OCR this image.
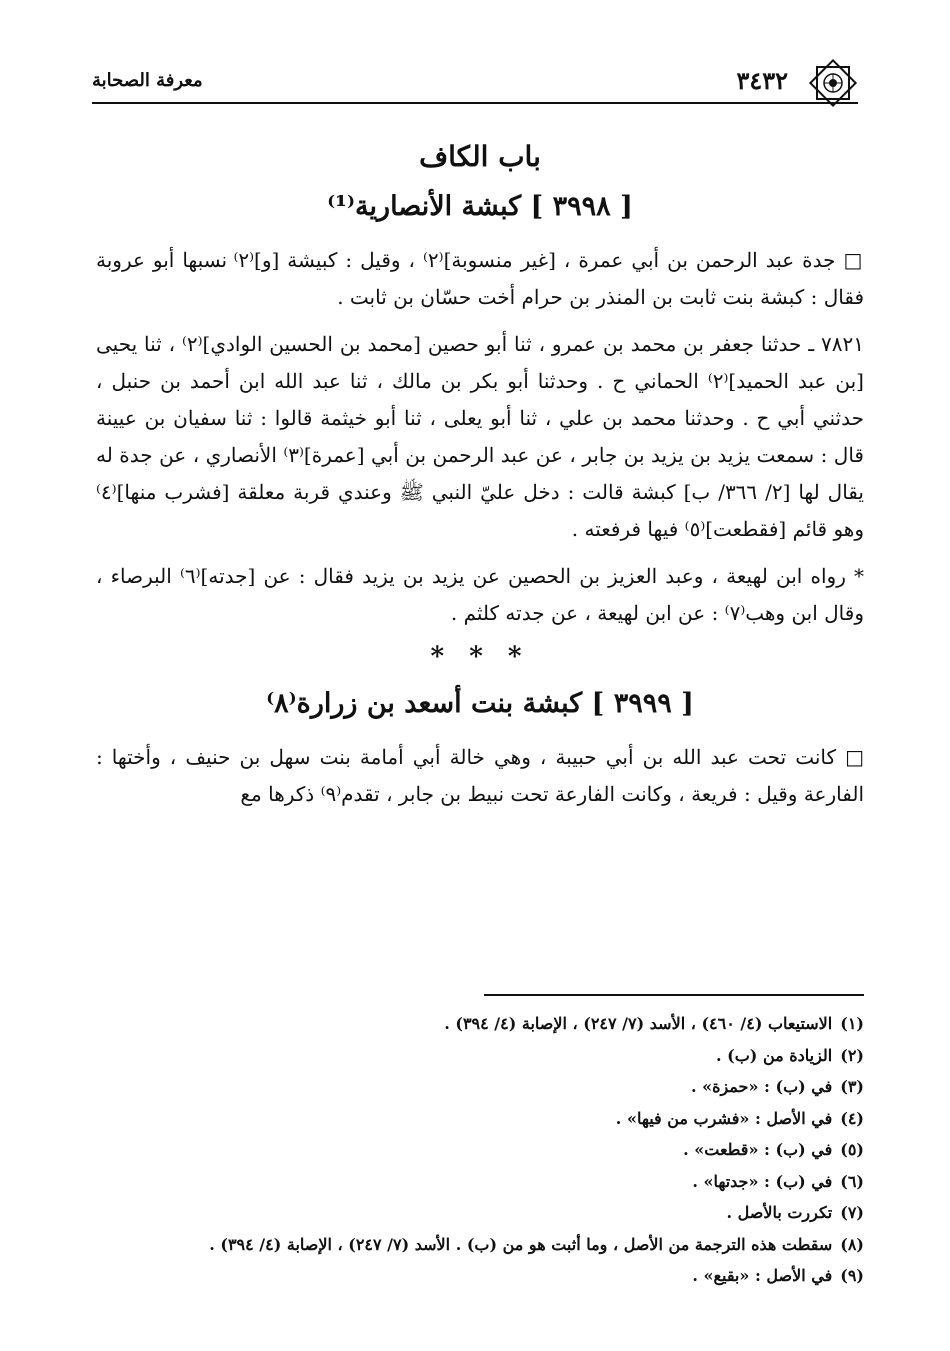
٣٤٣٢
معرفة الصحابة
باب الكاف
[ ٣٩٩٨ ] كبشة الأنصارية⁽¹⁾

□ جدة عبد الرحمن بن أبي عمرة ، [غير منسوبة]⁽٢⁾ ، وقيل : كبيشة [و]⁽٢⁾ نسبها أبو عروبة فقال : كبشة بنت ثابت بن المنذر بن حرام أخت حسّان بن ثابت .

٧٨٢١ ـ حدثنا جعفر بن محمد بن عمرو ، ثنا أبو حصين [محمد بن الحسين الوادي]⁽٢⁾ ، ثنا يحيى [بن عبد الحميد]⁽٢⁾ الحماني ح . وحدثنا أبو بكر بن مالك ، ثنا عبد الله ابن أحمد بن حنبل ، حدثني أبي ح . وحدثنا محمد بن علي ، ثنا أبو يعلى ، ثنا أبو خيثمة قالوا : ثنا سفيان بن عيينة قال : سمعت يزيد بن يزيد بن جابر ، عن عبد الرحمن بن أبي [عمرة]⁽٣⁾ الأنصاري ، عن جدة له يقال لها [٢/ ٣٦٦/ ب] كبشة قالت : دخل عليّ النبي ﷺ وعندي قربة معلقة [فشرب منها]⁽٤⁾ وهو قائم [فقطعت]⁽٥⁾ فيها فرفعته .

* رواه ابن لهيعة ، وعبد العزيز بن الحصين عن يزيد بن يزيد فقال : عن [جدته]⁽٦⁾ البرصاء ، وقال ابن وهب⁽٧⁾ : عن ابن لهيعة ، عن جدته كلثم .

* * *
[ ٣٩٩٩ ] كبشة بنت أسعد بن زرارة⁽٨⁾

□ كانت تحت عبد الله بن أبي حبيبة ، وهي خالة أبي أمامة بنت سهل بن حنيف ، وأختها : الفارعة وقيل : فريعة ، وكانت الفارعة تحت نبيط بن جابر ، تقدم⁽٩⁾ ذكرها مع

(١)الاستيعاب (٤/ ٤٦٠) ، الأسد (٧/ ٢٤٧) ، الإصابة (٤/ ٣٩٤) .
(٢)الزيادة من (ب) .
(٣)في (ب) : «حمزة» .
(٤)في الأصل : «فشرب من فيها» .
(٥)في (ب) : «قطعت» .
(٦)في (ب) : «جدتها» .
(٧)تكررت بالأصل .
(٨)سقطت هذه الترجمة من الأصل ، وما أثبت هو من (ب) . الأسد (٧/ ٢٤٧) ، الإصابة (٤/ ٣٩٤) .
(٩)في الأصل : «بقيع» .
